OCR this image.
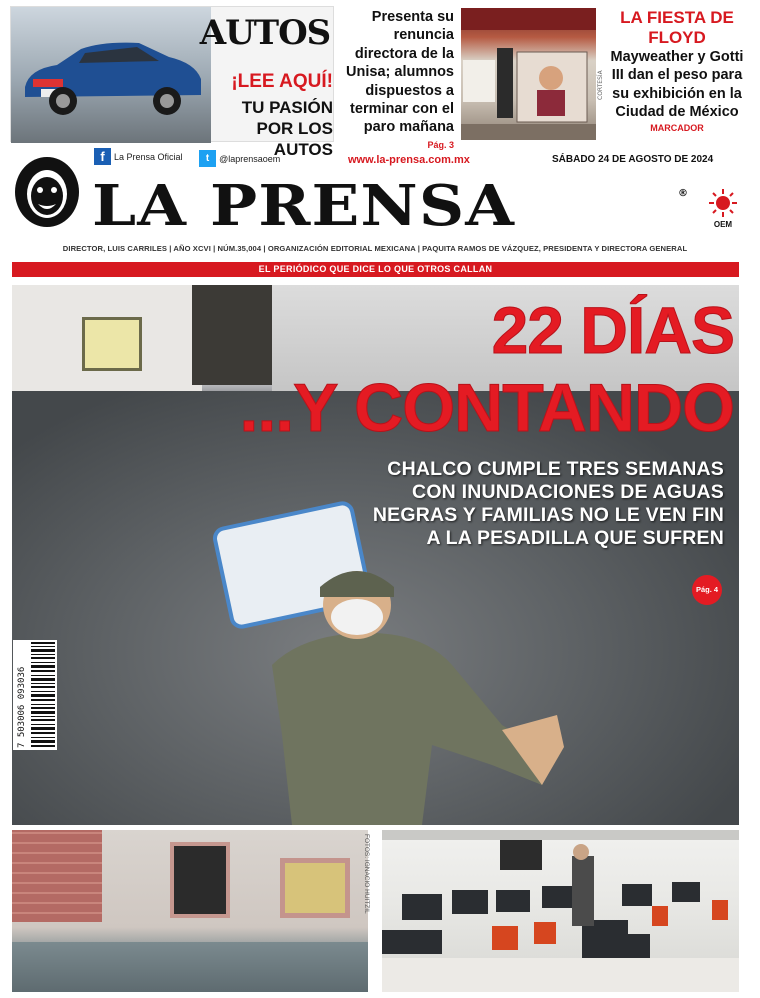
AUTOS
¡LEE AQUÍ!
TU PASIÓN POR LOS AUTOS
Presenta su renuncia directora de la Unisa; alumnos dispuestos a terminar con el paro mañana
Pág. 3
CORTESÍA
LA FIESTA DE FLOYD
Mayweather y Gotti III dan el peso para su exhibición en la Ciudad de México
MARCADOR
f	La Prensa Oficial
	t	@laprensaoem	www.la-prensa.com.mx	SÁBADO 24 DE AGOSTO DE 2024
LA PRENSA	®
OEM
DIRECTOR, LUIS CARRILES | AÑO XCVI | NÚM.35,004 | ORGANIZACIÓN EDITORIAL MEXICANA | PAQUITA RAMOS DE VÁZQUEZ, PRESIDENTA Y DIRECTORA GENERAL
EL PERIÓDICO QUE DICE LO QUE OTROS CALLAN
22 DÍAS
...Y CONTANDO
CHALCO CUMPLE TRES SEMANAS CON INUNDACIONES DE AGUAS NEGRAS Y FAMILIAS NO LE VEN FIN A LA PESADILLA QUE SUFREN
Pág. 4
7 503006 093036
FOTOS: IGNACIO HUITZIL
